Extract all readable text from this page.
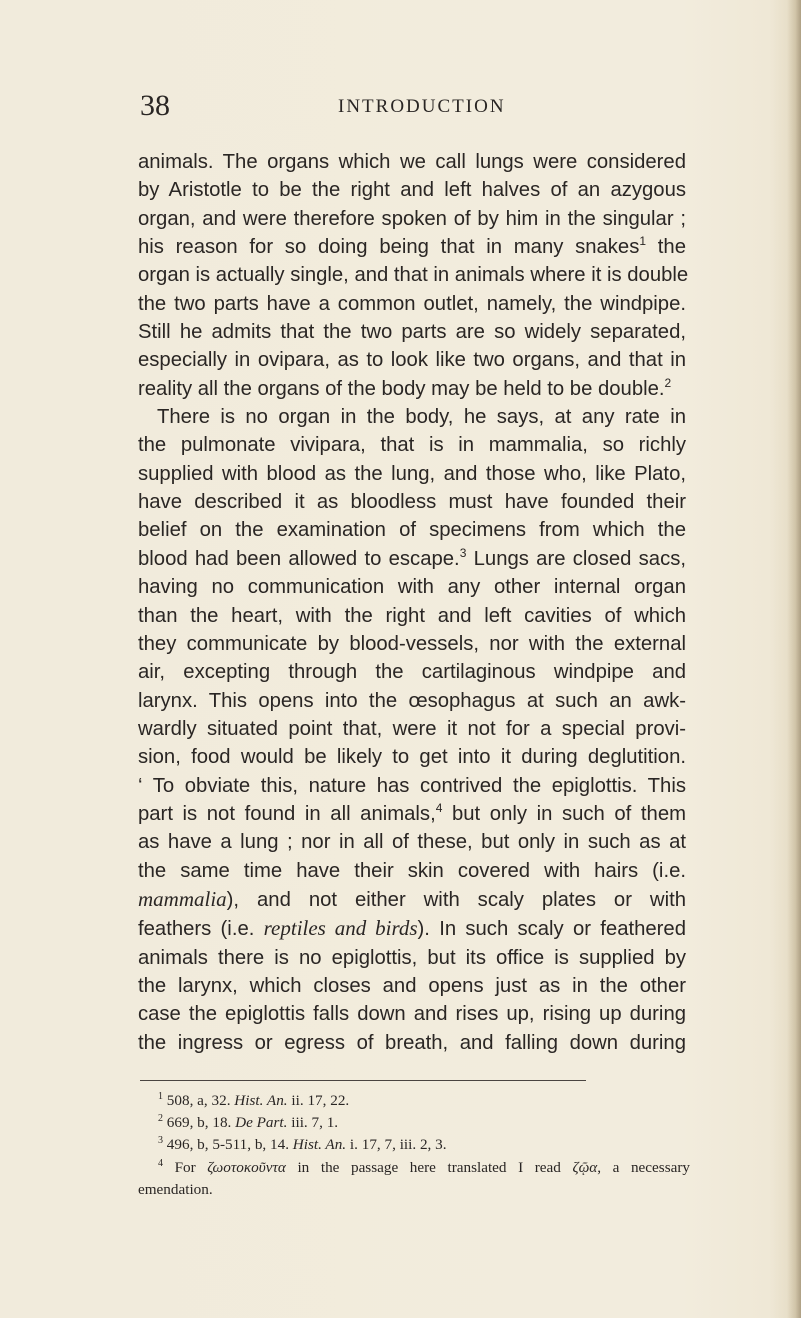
38	INTRODUCTION
animals. The organs which we call lungs were considered
by Aristotle to be the right and left halves of an azygous
organ, and were therefore spoken of by him in the singular ;
his reason for so doing being that in many snakes$^1$ the
organ is actually single, and that in animals where it is double
the two parts have a common outlet, namely, the windpipe.
Still he admits that the two parts are so widely separated,
especially in ovipara, as to look like two organs, and that in
reality all the organs of the body may be held to be double.$^2$
There is no organ in the body, he says, at any rate in
the pulmonate vivipara, that is in mammalia, so richly
supplied with blood as the lung, and those who, like Plato,
have described it as bloodless must have founded their
belief on the examination of specimens from which the
blood had been allowed to escape.$^3$ Lungs are closed sacs,
having no communication with any other internal organ
than the heart, with the right and left cavities of which
they communicate by blood-vessels, nor with the external
air, excepting through the cartilaginous windpipe and
larynx. This opens into the œsophagus at such an awk-
wardly situated point that, were it not for a special provi-
sion, food would be likely to get into it during deglutition.
‘ To obviate this, nature has contrived the epiglottis. This
part is not found in all animals,$^4$ but only in such of them
as have a lung ; nor in all of these, but only in such as at
the same time have their skin covered with hairs (i.e.
mammalia), and not either with scaly plates or with
feathers (i.e. reptiles and birds). In such scaly or feathered
animals there is no epiglottis, but its office is supplied by
the larynx, which closes and opens just as in the other
case the epiglottis falls down and rises up, rising up during
the ingress or egress of breath, and falling down during
$^1$ 508, a, 32. Hist. An. ii. 17, 22.
$^2$ 669, b, 18. De Part. iii. 7, 1.
$^3$ 496, b, 5-511, b, 14. Hist. An. i. 17, 7, iii. 2, 3.
$^4$ For ζωοτοκοῦντα in the passage here translated I read ζῷα, a necessary
emendation.
